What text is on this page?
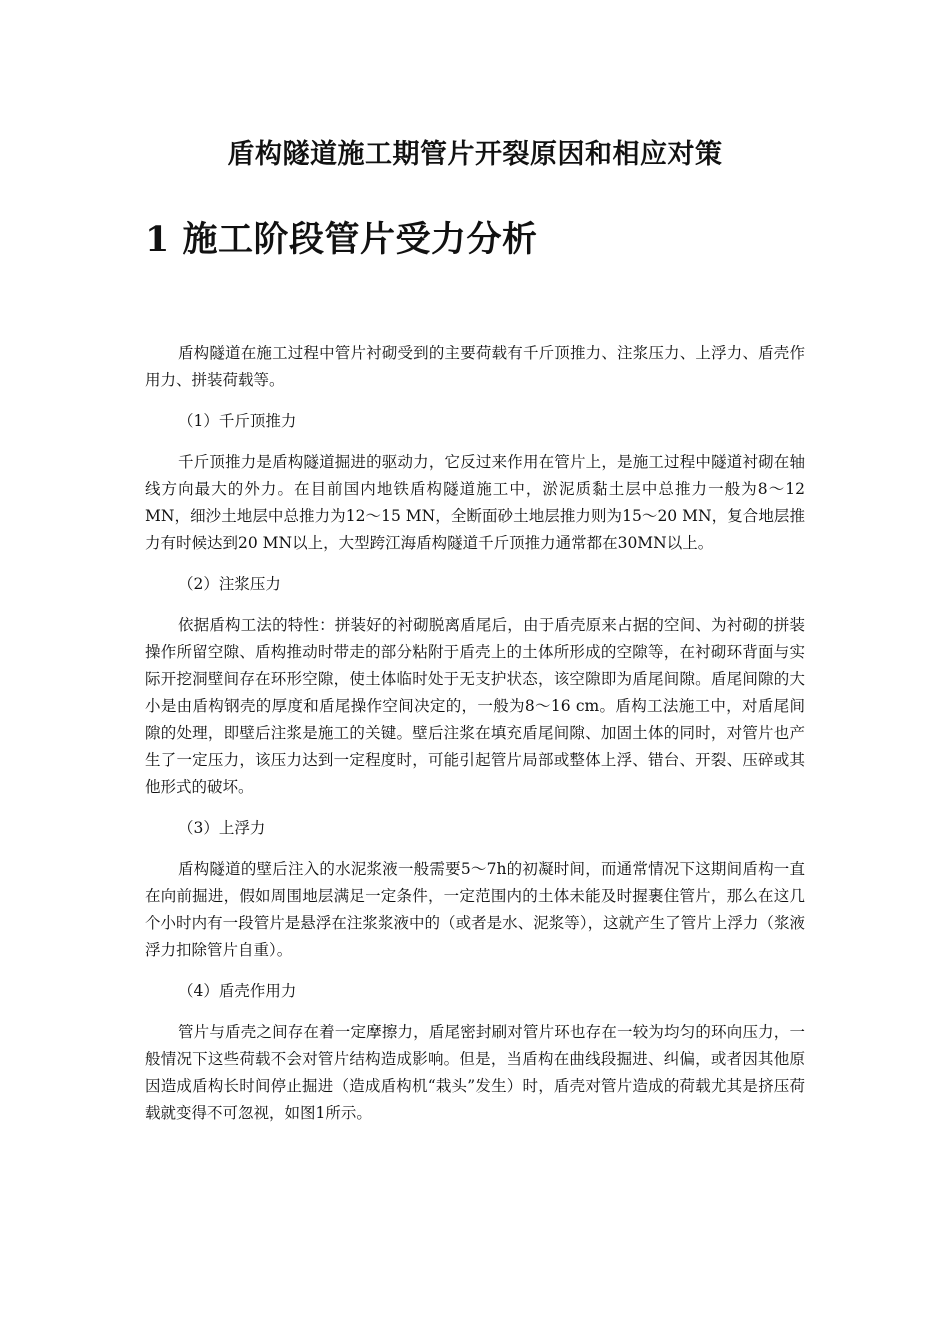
盾构隧道施工期管片开裂原因和相应对策
1 施工阶段管片受力分析

盾构隧道在施工过程中管片衬砌受到的主要荷载有千斤顶推力、注浆压力、上浮力、盾壳作用力、拼装荷载等。

（1）千斤顶推力

千斤顶推力是盾构隧道掘进的驱动力，它反过来作用在管片上，是施工过程中隧道衬砌在轴线方向最大的外力。在目前国内地铁盾构隧道施工中，淤泥质黏土层中总推力一般为8～12 MN，细沙土地层中总推力为12～15 MN，全断面砂土地层推力则为15～20 MN，复合地层推力有时候达到20 MN以上，大型跨江海盾构隧道千斤顶推力通常都在30MN以上。

（2）注浆压力

依据盾构工法的特性：拼装好的衬砌脱离盾尾后，由于盾壳原来占据的空间、为衬砌的拼装操作所留空隙、盾构推动时带走的部分粘附于盾壳上的土体所形成的空隙等，在衬砌环背面与实际开挖洞壁间存在环形空隙，使土体临时处于无支护状态，该空隙即为盾尾间隙。盾尾间隙的大小是由盾构钢壳的厚度和盾尾操作空间决定的，一般为8～16 cm。盾构工法施工中，对盾尾间隙的处理，即壁后注浆是施工的关键。壁后注浆在填充盾尾间隙、加固土体的同时，对管片也产生了一定压力，该压力达到一定程度时，可能引起管片局部或整体上浮、错台、开裂、压碎或其他形式的破坏。

（3）上浮力

盾构隧道的壁后注入的水泥浆液一般需要5～7h的初凝时间，而通常情况下这期间盾构一直在向前掘进，假如周围地层满足一定条件，一定范围内的土体未能及时握裹住管片，那么在这几个小时内有一段管片是悬浮在注浆浆液中的（或者是水、泥浆等），这就产生了管片上浮力（浆液浮力扣除管片自重）。

（4）盾壳作用力

管片与盾壳之间存在着一定摩擦力，盾尾密封刷对管片环也存在一较为均匀的环向压力，一般情况下这些荷载不会对管片结构造成影响。但是，当盾构在曲线段掘进、纠偏，或者因其他原因造成盾构长时间停止掘进（造成盾构机“栽头”发生）时，盾壳对管片造成的荷载尤其是挤压荷载就变得不可忽视，如图1所示。
